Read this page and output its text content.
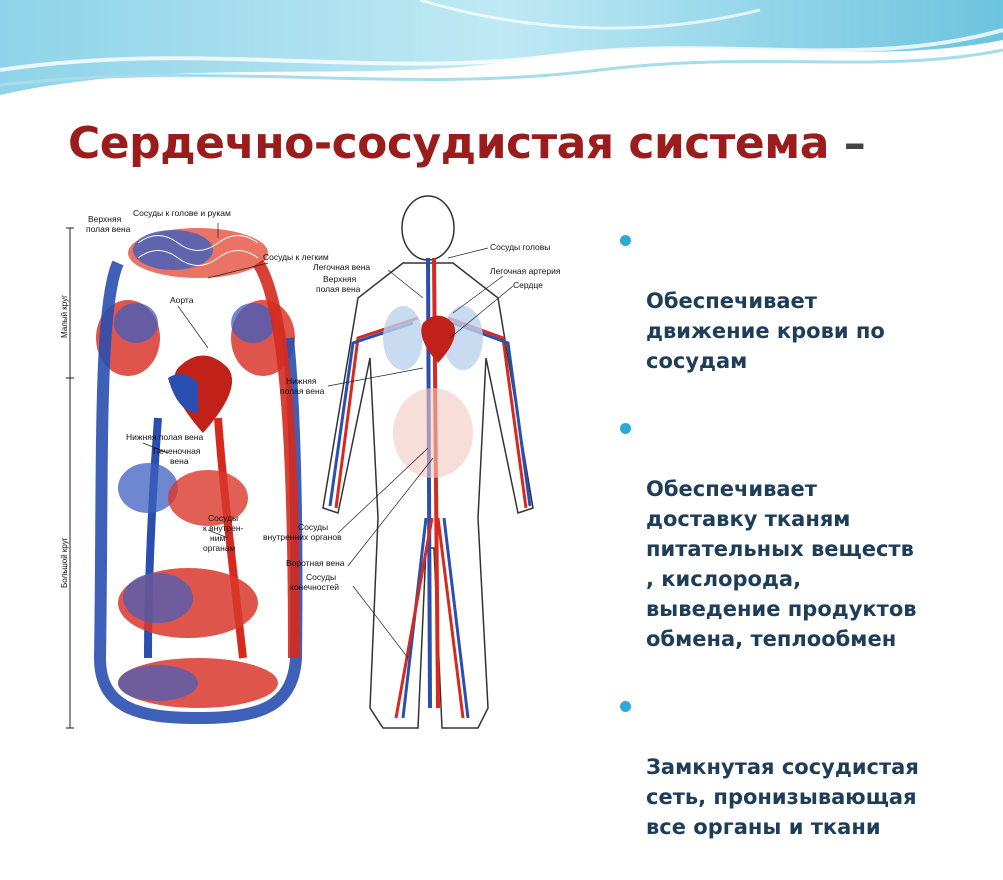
Сердечно-сосудистая система –
Малый круг
Большой круг
Сосуды к голове и рукам
Верхняя
полая вена
Сосуды к легким
Аорта
Нижняя полая вена
Печеночная
вена
Сосуды
к внутрен-
ним
органам
Сосуды головы
Легочная вена
Верхняя
полая вена
Легочная артерия
Сердце
Нижняя
полая вена
Сосуды
внутренних органов
Воротная вена
Сосуды
конечностей

Обеспечивает
движение крови по
сосудам

Обеспечивает
доставку тканям
питательных веществ
, кислорода,
выведение продуктов
обмена, теплообмен

Замкнутая сосудистая
сеть, пронизывающая
все органы и ткани
